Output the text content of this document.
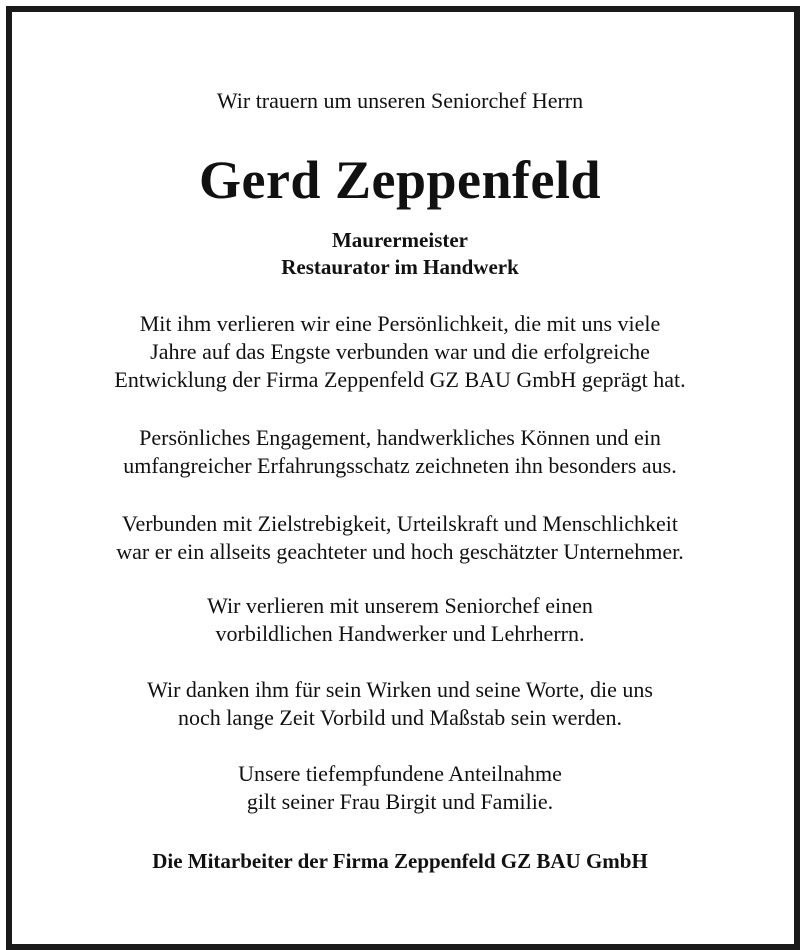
Wir trauern um unseren Seniorchef Herrn
Gerd Zeppenfeld
Maurermeister
Restaurator im Handwerk
Mit ihm verlieren wir eine Persönlichkeit, die mit uns viele
Jahre auf das Engste verbunden war und die erfolgreiche
Entwicklung der Firma Zeppenfeld GZ BAU GmbH geprägt hat.
Persönliches Engagement, handwerkliches Können und ein
umfangreicher Erfahrungsschatz zeichneten ihn besonders aus.
Verbunden mit Zielstrebigkeit, Urteilskraft und Menschlichkeit
war er ein allseits geachteter und hoch geschätzter Unternehmer.
Wir verlieren mit unserem Seniorchef einen
vorbildlichen Handwerker und Lehrherrn.
Wir danken ihm für sein Wirken und seine Worte, die uns
noch lange Zeit Vorbild und Maßstab sein werden.
Unsere tiefempfundene Anteilnahme
gilt seiner Frau Birgit und Familie.
Die Mitarbeiter der Firma Zeppenfeld GZ BAU GmbH
